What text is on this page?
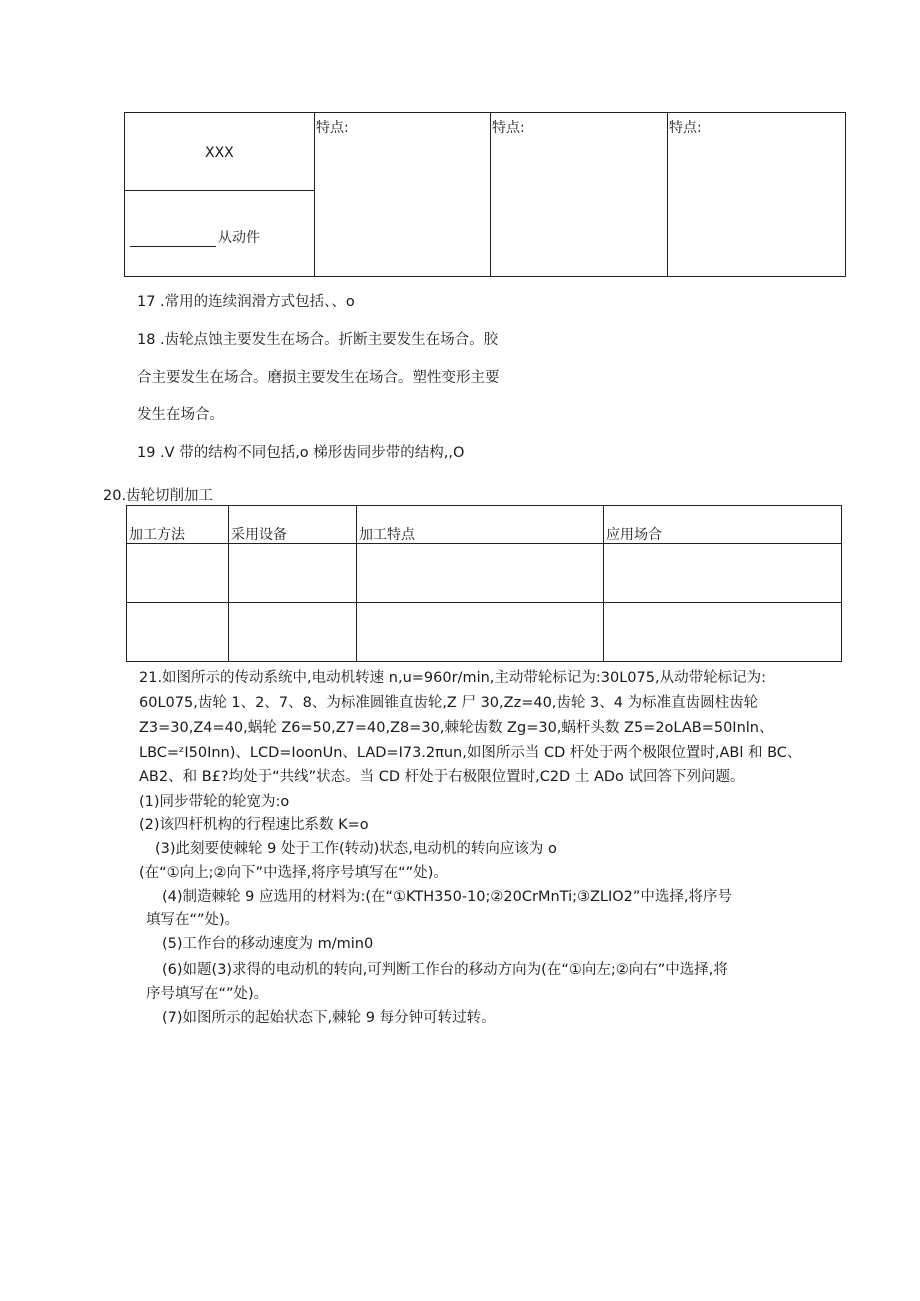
XXX
从动件
特点:	特点:	特点:
17 .常用的连续润滑方式包括、、o
18 .齿轮点蚀主要发生在场合。折断主要发生在场合。胶
合主要发生在场合。磨损主要发生在场合。塑性变形主要
发生在场合。
19 .V 带的结构不同包括,o 梯形齿同步带的结构,,O
20.齿轮切削加工
加工方法	采用设备	加工特点	应用场合
21.如图所示的传动系统中,电动机转速 n,u=960r/min,主动带轮标记为:30L075,从动带轮标记为:
60L075,齿轮 1、2、7、8、为标准圆锥直齿轮,Z 尸 30,Zz=40,齿轮 3、4 为标准直齿圆柱齿轮
Z3=30,Z4=40,蜗轮 Z6=50,Z7=40,Z8=30,棘轮齿数 Zg=30,蜗杆头数 Z5=2oLAB=50Inln、
LBC=ᶻI50Inn)、LCD=IoonUn、LAD=I73.2πun,如图所示当 CD 杆处于两个极限位置时,ABl 和 BC、
AB2、和 B£?均处于“共线”状态。当 CD 杆处于右极限位置时,C2D 土 ADo 试回答下列问题。
(1)同步带轮的轮宽为:o
(2)该四杆机构的行程速比系数 K=o
(3)此刻要使棘轮 9 处于工作(转动)状态,电动机的转向应该为 o
(在“①向上;②向下”中选择,将序号填写在“”处)。
(4)制造棘轮 9 应选用的材料为:(在“①KTH350-10;②20CrMnTi;③ZLIO2”中选择,将序号
填写在“”处)。
(5)工作台的移动速度为 m/min0
(6)如题(3)求得的电动机的转向,可判断工作台的移动方向为(在“①向左;②向右”中选择,将
序号填写在“”处)。
(7)如图所示的起始状态下,棘轮 9 每分钟可转过转。
